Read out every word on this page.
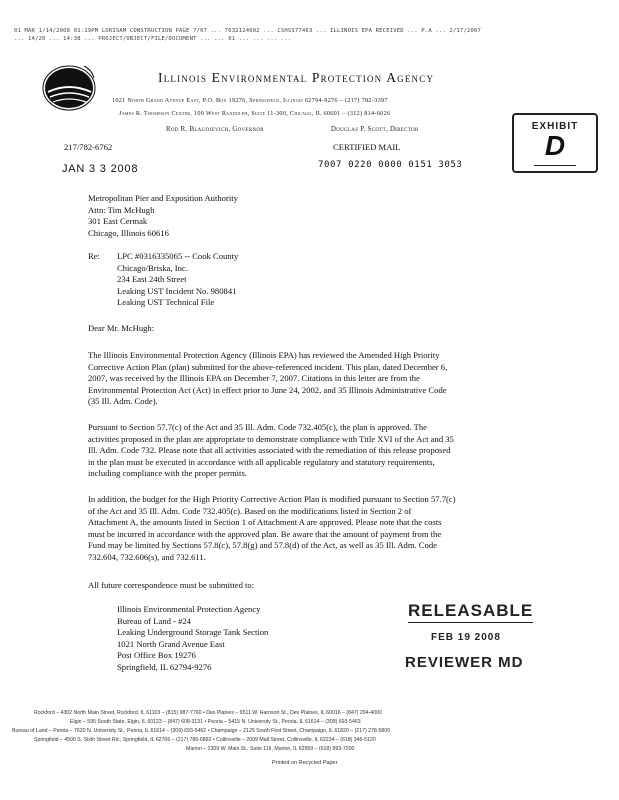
01 MAR 1/14/2008 01:19PM LORISAM CONSTRUCTION PAGE 7/07 ... 7632124602 ... CSHSS77463 ... ILLINOIS EPA RECEIVED ... P.A ... 2/17/2007
... 14/20 ... 14:38 ... PROJECT/OBJECT/FILE/DOCUMENT ... ... 01 ... ... ... ...
Illinois Environmental Protection Agency
1021 North Grand Avenue East, P.O. Box 19276, Springfield, Illinois 62794-9276 – (217) 782-3397
James R. Thompson Center, 100 West Randolph, Suite 11-300, Chicago, IL 60601 – (312) 814-6026
Rod R. Blagojevich, Governor	Douglas P. Scott, Director	EXHIBIT
D
217/782-6762	CERTIFIED MAIL
7007 0220 0000 0151 3053
JAN 3 3 2008
Metropolitan Pier and Exposition Authority
Attn: Tim McHugh
301 East Cermak
Chicago, Illinois 60616
Re: LPC #0316335065 -- Cook County
Chicago/Briska, Inc.
234 East 24th Street
Leaking UST Incident No. 980841
Leaking UST Technical File
Dear Mr. McHugh:
The Illinois Environmental Protection Agency (Illinois EPA) has reviewed the Amended High Priority
Corrective Action Plan (plan) submitted for the above-referenced incident. This plan, dated December 6,
2007, was received by the Illinois EPA on December 7, 2007. Citations in this letter are from the
Environmental Protection Act (Act) in effect prior to June 24, 2002, and 35 Illinois Administrative Code
(35 Ill. Adm. Code).
Pursuant to Section 57.7(c) of the Act and 35 Ill. Adm. Code 732.405(c), the plan is approved. The
activities proposed in the plan are appropriate to demonstrate compliance with Title XVI of the Act and 35
Ill. Adm. Code 732. Please note that all activities associated with the remediation of this release proposed
in the plan must be executed in accordance with all applicable regulatory and statutory requirements,
including compliance with the proper permits.
In addition, the budget for the High Priority Corrective Action Plan is modified pursuant to Section 57.7(c)
of the Act and 35 Ill. Adm. Code 732.405(c). Based on the modifications listed in Section 2 of
Attachment A, the amounts listed in Section 1 of Attachment A are approved. Please note that the costs
must be incurred in accordance with the approved plan. Be aware that the amount of payment from the
Fund may be limited by Sections 57.8(c), 57.8(g) and 57.8(d) of the Act, as well as 35 Ill. Adm. Code
732.604, 732.606(s), and 732.611.
All future correspondence must be submitted to:
Illinois Environmental Protection Agency
Bureau of Land - #24
Leaking Underground Storage Tank Section
1021 North Grand Avenue East
Post Office Box 19276
Springfield, IL 62794-9276
RELEASABLE
FEB 19 2008
REVIEWER MD
Rockford – 4302 North Main Street, Rockford, IL 61103 – (815) 987-7760 • Des Plaines – 9511 W. Harrison St., Des Plaines, IL 60016 – (847) 294-4000
Elgin – 595 South State, Elgin, IL 60123 – (847) 608-3131 • Peoria – 5415 N. University St., Peoria, IL 61614 – (309) 693-5463
Bureau of Land – Peoria – 7620 N. University St., Peoria, IL 61614 – (309) 693-5462 • Champaign – 2125 South First Street, Champaign, IL 61820 – (217) 278-5800
Springfield – 4500 S. Sixth Street Rd., Springfield, IL 62706 – (217) 786-6892 • Collinsville – 2009 Mall Street, Collinsville, IL 62234 – (618) 346-5120
Marion – 2309 W. Main St., Suite 116, Marion, IL 62959 – (618) 993-7200
Printed on Recycled Paper
